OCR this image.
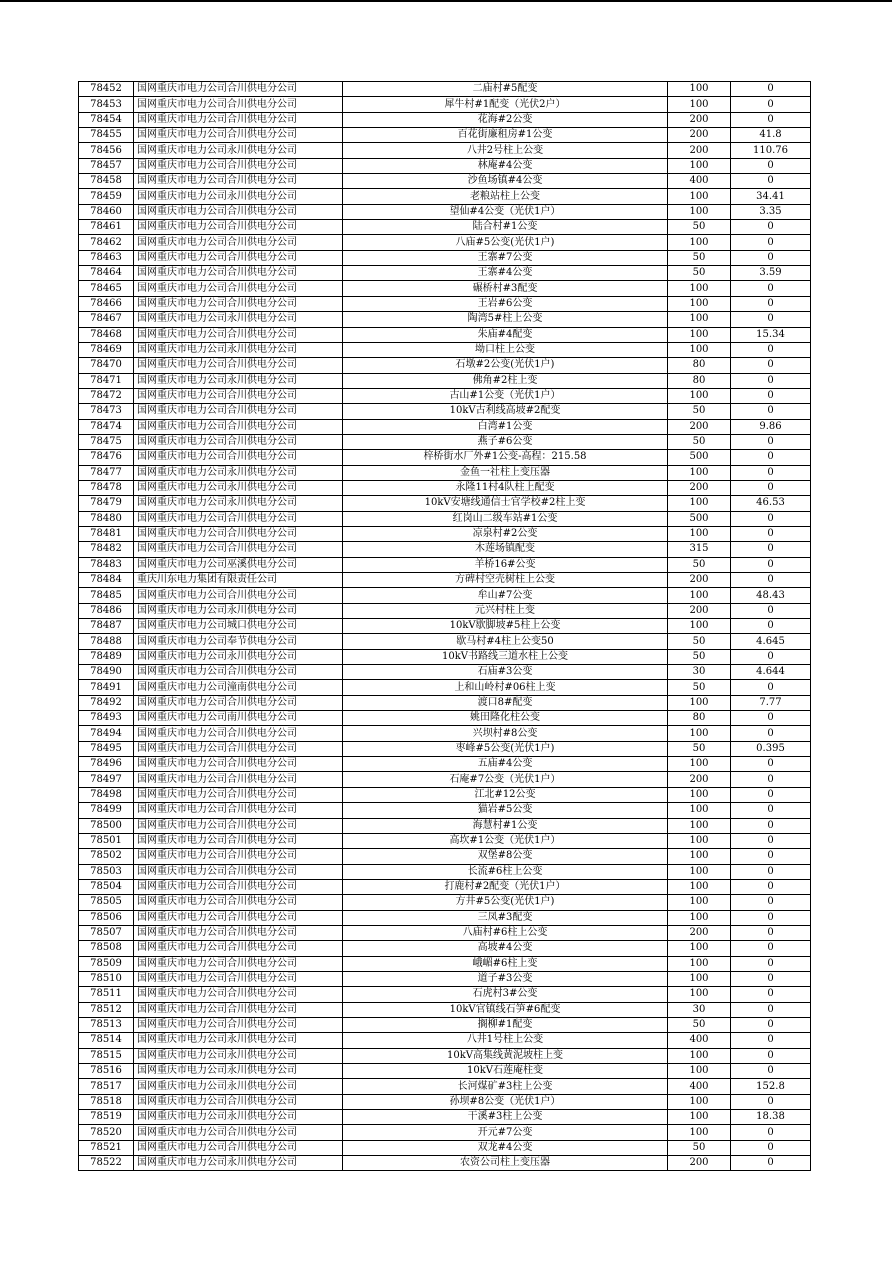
78452	国网重庆市电力公司合川供电分公司	二庙村#5配变	100	0
78453	国网重庆市电力公司合川供电分公司	犀牛村#1配变（光伏2户）	100	0
78454	国网重庆市电力公司合川供电分公司	花海#2公变	200	0
78455	国网重庆市电力公司合川供电分公司	百花街廉租房#1公变	200	41.8
78456	国网重庆市电力公司永川供电分公司	八井2号柱上公变	200	110.76
78457	国网重庆市电力公司合川供电分公司	林庵#4公变	100	0
78458	国网重庆市电力公司合川供电分公司	沙鱼场镇#4公变	400	0
78459	国网重庆市电力公司永川供电分公司	老粮站柱上公变	100	34.41
78460	国网重庆市电力公司合川供电分公司	望仙#4公变（光伏1户）	100	3.35
78461	国网重庆市电力公司合川供电分公司	陆合村#1公变	50	0
78462	国网重庆市电力公司合川供电分公司	八庙#5公变(光伏1户)	100	0
78463	国网重庆市电力公司合川供电分公司	王寨#7公变	50	0
78464	国网重庆市电力公司合川供电分公司	王寨#4公变	50	3.59
78465	国网重庆市电力公司合川供电分公司	碾桥村#3配变	100	0
78466	国网重庆市电力公司合川供电分公司	王岩#6公变	100	0
78467	国网重庆市电力公司永川供电分公司	陶湾5#柱上公变	100	0
78468	国网重庆市电力公司合川供电分公司	朱庙#4配变	100	15.34
78469	国网重庆市电力公司永川供电分公司	坳口柱上公变	100	0
78470	国网重庆市电力公司合川供电分公司	石墩#2公变(光伏1户)	80	0
78471	国网重庆市电力公司永川供电分公司	佛角#2柱上变	80	0
78472	国网重庆市电力公司合川供电分公司	古山#1公变（光伏1户）	100	0
78473	国网重庆市电力公司合川供电分公司	10kV古利线高坡#2配变	50	0
78474	国网重庆市电力公司合川供电分公司	白湾#1公变	200	9.86
78475	国网重庆市电力公司合川供电分公司	燕子#6公变	50	0
78476	国网重庆市电力公司合川供电分公司	梓桥街水厂外#1公变-高程：215.58	500	0
78477	国网重庆市电力公司永川供电分公司	金鱼一社柱上变压器	100	0
78478	国网重庆市电力公司永川供电分公司	永隆11村4队柱上配变	200	0
78479	国网重庆市电力公司永川供电分公司	10kV安塘线通信士官学校#2柱上变	100	46.53
78480	国网重庆市电力公司合川供电分公司	红岗山二级车站#1公变	500	0
78481	国网重庆市电力公司合川供电分公司	凉泉村#2公变	100	0
78482	国网重庆市电力公司合川供电分公司	木莲场镇配变	315	0
78483	国网重庆市电力公司巫溪供电分公司	羊桥16#公变	50	0
78484	重庆川东电力集团有限责任公司	方碑村空壳树柱上公变	200	0
78485	国网重庆市电力公司合川供电分公司	牟山#7公变	100	48.43
78486	国网重庆市电力公司永川供电分公司	元兴村柱上变	200	0
78487	国网重庆市电力公司城口供电分公司	10kV歇脚坡#5柱上公变	100	0
78488	国网重庆市电力公司奉节供电分公司	歇马村#4柱上公变50	50	4.645
78489	国网重庆市电力公司永川供电分公司	10kV书路线三道水柱上公变	50	0
78490	国网重庆市电力公司合川供电分公司	石庙#3公变	30	4.644
78491	国网重庆市电力公司潼南供电分公司	上和山岭村#06柱上变	50	0
78492	国网重庆市电力公司合川供电分公司	渡口8#配变	100	7.77
78493	国网重庆市电力公司南川供电分公司	姚田隆化柱公变	80	0
78494	国网重庆市电力公司合川供电分公司	兴坝村#8公变	100	0
78495	国网重庆市电力公司合川供电分公司	枣峰#5公变(光伏1户)	50	0.395
78496	国网重庆市电力公司合川供电分公司	五庙#4公变	100	0
78497	国网重庆市电力公司合川供电分公司	石庵#7公变（光伏1户）	200	0
78498	国网重庆市电力公司合川供电分公司	江北#12公变	100	0
78499	国网重庆市电力公司合川供电分公司	猫岩#5公变	100	0
78500	国网重庆市电力公司合川供电分公司	海慧村#1公变	100	0
78501	国网重庆市电力公司合川供电分公司	高坎#1公变（光伏1户）	100	0
78502	国网重庆市电力公司合川供电分公司	双堡#8公变	100	0
78503	国网重庆市电力公司合川供电分公司	长流#6柱上公变	100	0
78504	国网重庆市电力公司合川供电分公司	打鹿村#2配变（光伏1户）	100	0
78505	国网重庆市电力公司合川供电分公司	方井#5公变(光伏1户)	100	0
78506	国网重庆市电力公司合川供电分公司	三凤#3配变	100	0
78507	国网重庆市电力公司合川供电分公司	八庙村#6柱上公变	200	0
78508	国网重庆市电力公司合川供电分公司	高坡#4公变	100	0
78509	国网重庆市电力公司合川供电分公司	峨嵋#6柱上变	100	0
78510	国网重庆市电力公司合川供电分公司	道子#3公变	100	0
78511	国网重庆市电力公司合川供电分公司	石虎村3#公变	100	0
78512	国网重庆市电力公司合川供电分公司	10kV官镇线石笋#6配变	30	0
78513	国网重庆市电力公司合川供电分公司	搁柳#1配变	50	0
78514	国网重庆市电力公司永川供电分公司	八井1号柱上公变	400	0
78515	国网重庆市电力公司永川供电分公司	10kV高集线黄泥坡柱上变	100	0
78516	国网重庆市电力公司永川供电分公司	10kV石莲庵柱变	100	0
78517	国网重庆市电力公司永川供电分公司	长河煤矿#3柱上公变	400	152.8
78518	国网重庆市电力公司合川供电分公司	孙坝#8公变（光伏1户）	100	0
78519	国网重庆市电力公司永川供电分公司	干溪#3柱上公变	100	18.38
78520	国网重庆市电力公司合川供电分公司	开元#7公变	100	0
78521	国网重庆市电力公司合川供电分公司	双龙#4公变	50	0
78522	国网重庆市电力公司永川供电分公司	农资公司柱上变压器	200	0
